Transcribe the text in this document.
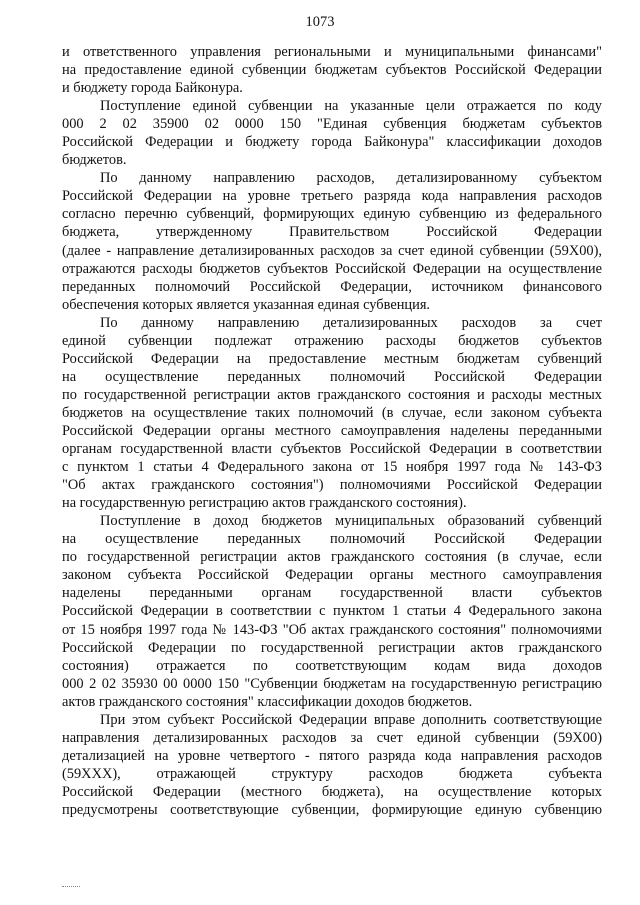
1073
и ответственного управления региональными и муниципальными финансами"
на предоставление единой субвенции бюджетам субъектов Российской Федерации
и бюджету города Байконура.
Поступление единой субвенции на указанные цели отражается по коду
000 2 02 35900 02 0000 150 "Единая субвенция бюджетам субъектов
Российской Федерации и бюджету города Байконура" классификации доходов
бюджетов.
По данному направлению расходов, детализированному субъектом
Российской Федерации на уровне третьего разряда кода направления расходов
согласно перечню субвенций, формирующих единую субвенцию из федерального
бюджета, утвержденному Правительством Российской Федерации
(далее - направление детализированных расходов за счет единой субвенции (59Х00),
отражаются расходы бюджетов субъектов Российской Федерации на осуществление
переданных полномочий Российской Федерации, источником финансового
обеспечения которых является указанная единая субвенция.
По данному направлению детализированных расходов за счет
единой субвенции подлежат отражению расходы бюджетов субъектов
Российской Федерации на предоставление местным бюджетам субвенций
на осуществление переданных полномочий Российской Федерации
по государственной регистрации актов гражданского состояния и расходы местных
бюджетов на осуществление таких полномочий (в случае, если законом субъекта
Российской Федерации органы местного самоуправления наделены переданными
органам государственной власти субъектов Российской Федерации в соответствии
с пунктом 1 статьи 4 Федерального закона от 15 ноября 1997 года № 143-ФЗ
"Об актах гражданского состояния") полномочиями Российской Федерации
на государственную регистрацию актов гражданского состояния).
Поступление в доход бюджетов муниципальных образований субвенций
на осуществление переданных полномочий Российской Федерации
по государственной регистрации актов гражданского состояния (в случае, если
законом субъекта Российской Федерации органы местного самоуправления
наделены переданными органам государственной власти субъектов
Российской Федерации в соответствии с пунктом 1 статьи 4 Федерального закона
от 15 ноября 1997 года № 143-ФЗ "Об актах гражданского состояния" полномочиями
Российской Федерации по государственной регистрации актов гражданского
состояния) отражается по соответствующим кодам вида доходов
000 2 02 35930 00 0000 150 "Субвенции бюджетам на государственную регистрацию
актов гражданского состояния" классификации доходов бюджетов.
При этом субъект Российской Федерации вправе дополнить соответствующие
направления детализированных расходов за счет единой субвенции (59Х00)
детализацией на уровне четвертого - пятого разряда кода направления расходов
(59ХХХ), отражающей структуру расходов бюджета субъекта
Российской Федерации (местного бюджета), на осуществление которых
предусмотрены соответствующие субвенции, формирующие единую субвенцию
